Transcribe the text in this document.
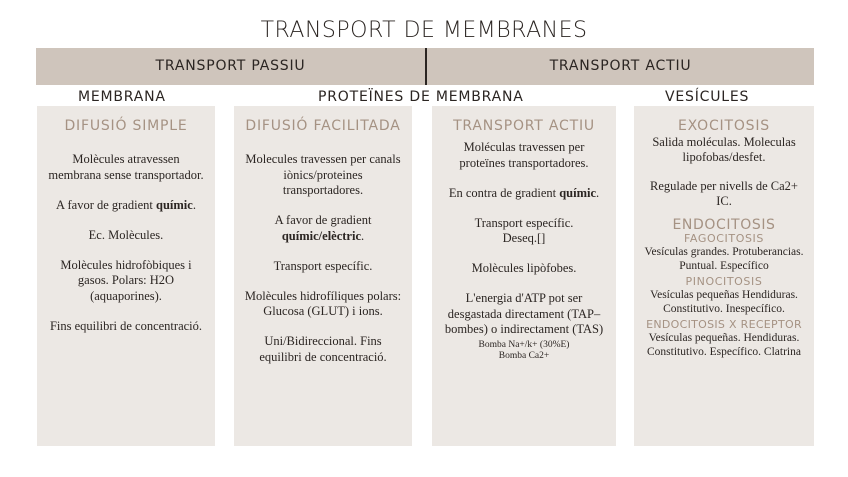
TRANSPORT DE MEMBRANES
TRANSPORT PASSIU	TRANSPORT ACTIU
MEMBRANA	PROTEÏNES DE MEMBRANA	VESÍCULES
DIFUSIÓ SIMPLE

Molècules atravessen membrana sense transportador.

A favor de gradient químic.

Ec. Molècules.

Molècules hidrofòbiques i gasos. Polars: H2O (aquaporines).

Fins equilibri de concentració.

DIFUSIÓ FACILITADA

Molecules travessen per canals iònics/proteines transportadores.

A favor de gradient químic/elèctric.

Transport específic.

Molècules hidrofíliques polars: Glucosa (GLUT) i ions.

Uni/Bidireccional. Fins equilibri de concentració.

TRANSPORT ACTIU

Moléculas travessen per proteïnes transportadores.

En contra de gradient químic.

Transport específic.
Deseq.[]

Molècules lipòfobes.

L'energia d'ATP pot ser desgastada directament (TAP– bombes) o indirectament (TAS)

Bomba Na+/k+ (30%E)
Bomba Ca2+
EXOCITOSIS

Salida moléculas. Moleculas lipofobas/desfet.

Regulade per nivells de Ca2+ IC.

ENDOCITOSIS
FAGOCITOSIS
Vesículas grandes. Protuberancias. Puntual. Específico
PINOCITOSIS
Vesículas pequeñas Hendiduras. Constitutivo. Inespecífico.
ENDOCITOSIS X RECEPTOR
Vesículas pequeñas. Hendiduras. Constitutivo. Específico. Clatrina
